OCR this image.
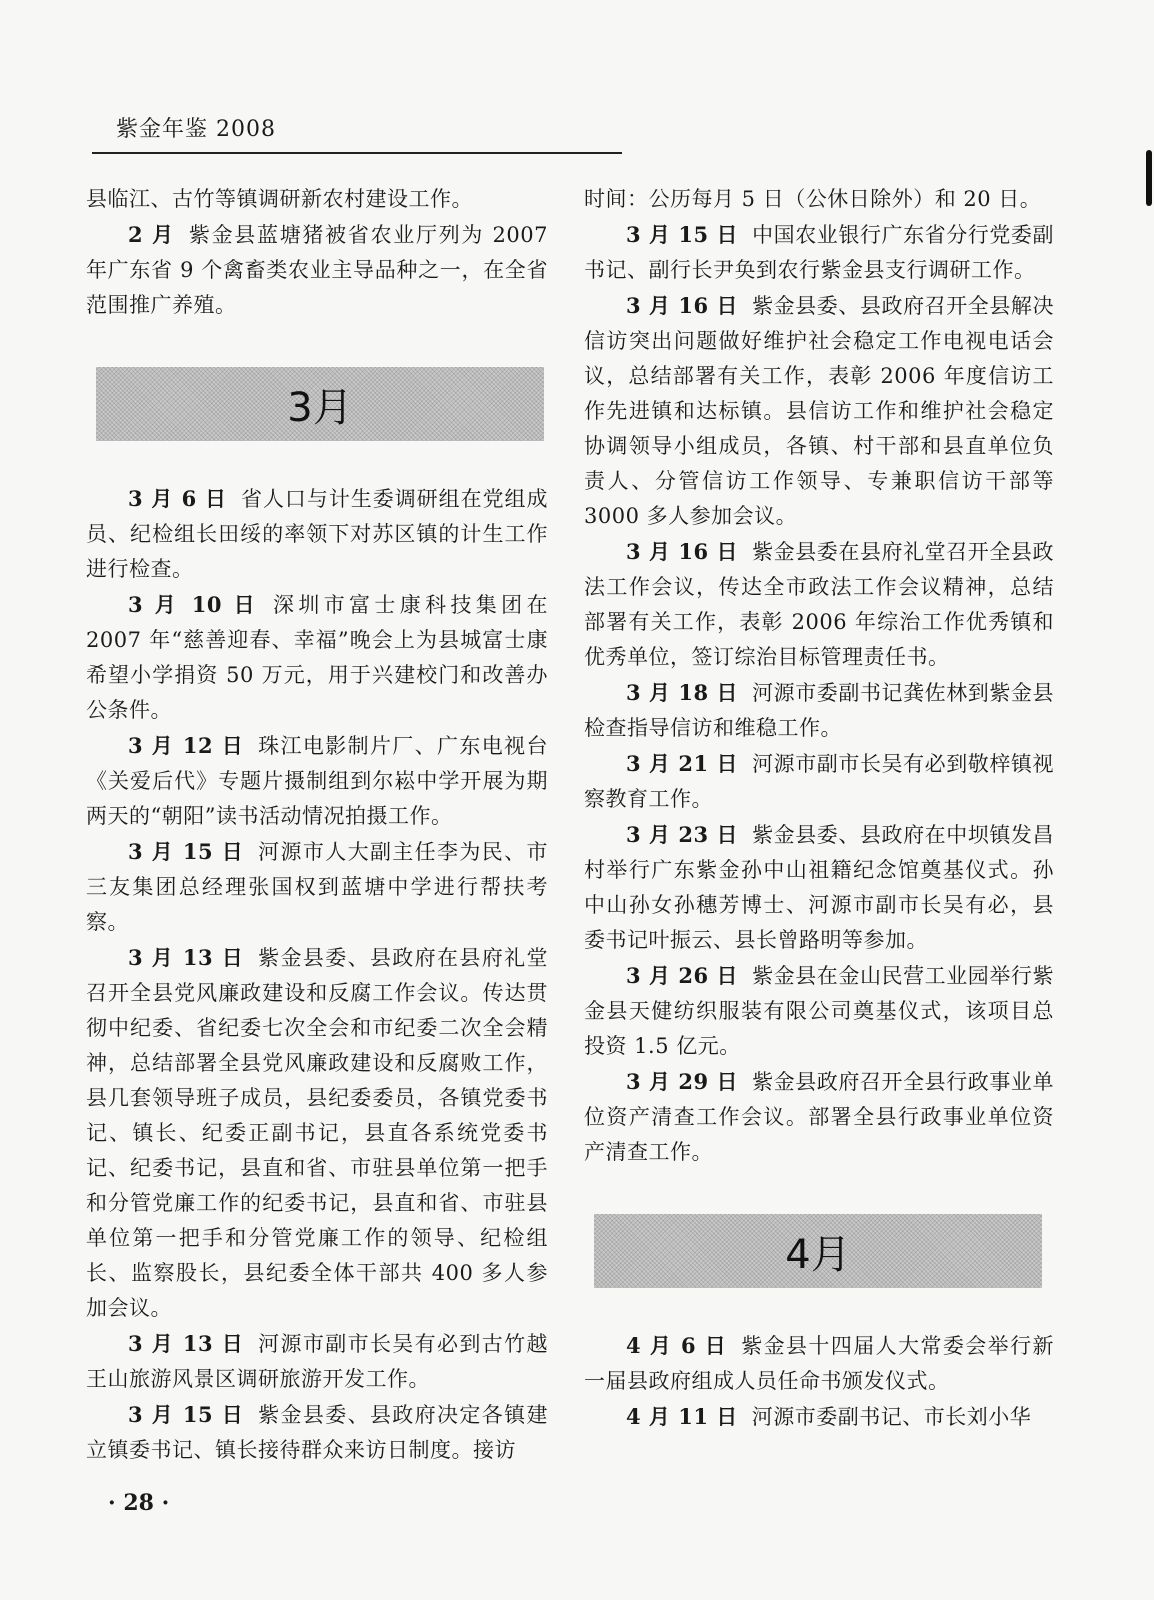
紫金年鉴 2008

县临江、古竹等镇调研新农村建设工作。

2 月 紫金县蓝塘猪被省农业厅列为 2007 年广东省 9 个禽畜类农业主导品种之一，在全省范围推广养殖。

3月

3 月 6 日 省人口与计生委调研组在党组成员、纪检组长田绥的率领下对苏区镇的计生工作进行检查。

3 月 10 日 深圳市富士康科技集团在 2007 年“慈善迎春、幸福”晚会上为县城富士康希望小学捐资 50 万元，用于兴建校门和改善办公条件。

3 月 12 日 珠江电影制片厂、广东电视台《关爱后代》专题片摄制组到尔崧中学开展为期两天的“朝阳”读书活动情况拍摄工作。

3 月 15 日 河源市人大副主任李为民、市三友集团总经理张国权到蓝塘中学进行帮扶考察。

3 月 13 日 紫金县委、县政府在县府礼堂召开全县党风廉政建设和反腐工作会议。传达贯彻中纪委、省纪委七次全会和市纪委二次全会精神，总结部署全县党风廉政建设和反腐败工作，县几套领导班子成员，县纪委委员，各镇党委书记、镇长、纪委正副书记，县直各系统党委书记、纪委书记，县直和省、市驻县单位第一把手和分管党廉工作的纪委书记，县直和省、市驻县单位第一把手和分管党廉工作的领导、纪检组长、监察股长，县纪委全体干部共 400 多人参加会议。

3 月 13 日 河源市副市长吴有必到古竹越王山旅游风景区调研旅游开发工作。

3 月 15 日 紫金县委、县政府决定各镇建立镇委书记、镇长接待群众来访日制度。接访

时间：公历每月 5 日（公休日除外）和 20 日。

3 月 15 日 中国农业银行广东省分行党委副书记、副行长尹奂到农行紫金县支行调研工作。

3 月 16 日 紫金县委、县政府召开全县解决信访突出问题做好维护社会稳定工作电视电话会议，总结部署有关工作，表彰 2006 年度信访工作先进镇和达标镇。县信访工作和维护社会稳定协调领导小组成员，各镇、村干部和县直单位负责人、分管信访工作领导、专兼职信访干部等 3000 多人参加会议。

3 月 16 日 紫金县委在县府礼堂召开全县政法工作会议，传达全市政法工作会议精神，总结部署有关工作，表彰 2006 年综治工作优秀镇和优秀单位，签订综治目标管理责任书。

3 月 18 日 河源市委副书记龚佐林到紫金县检查指导信访和维稳工作。

3 月 21 日 河源市副市长吴有必到敬梓镇视察教育工作。

3 月 23 日 紫金县委、县政府在中坝镇发昌村举行广东紫金孙中山祖籍纪念馆奠基仪式。孙中山孙女孙穗芳博士、河源市副市长吴有必，县委书记叶振云、县长曾路明等参加。

3 月 26 日 紫金县在金山民营工业园举行紫金县天健纺织服装有限公司奠基仪式，该项目总投资 1.5 亿元。

3 月 29 日 紫金县政府召开全县行政事业单位资产清查工作会议。部署全县行政事业单位资产清查工作。

4月

4 月 6 日 紫金县十四届人大常委会举行新一届县政府组成人员任命书颁发仪式。

4 月 11 日 河源市委副书记、市长刘小华

· 28 ·
